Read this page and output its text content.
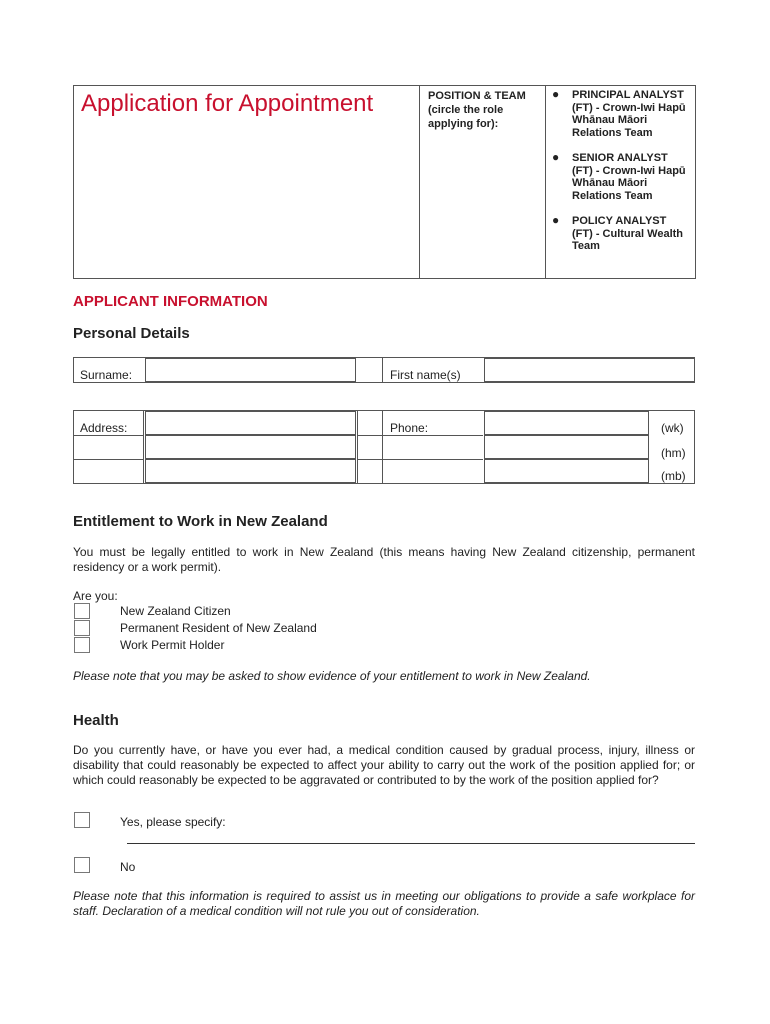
Application for Appointment	POSITION & TEAM (circle the role applying for):
● PRINCIPAL ANALYST (FT) - Crown-Iwi Hapū Whānau Māori Relations Team
● SENIOR ANALYST (FT) - Crown-Iwi Hapū Whānau Māori Relations Team
● POLICY ANALYST (FT) - Cultural Wealth Team
APPLICANT INFORMATION
Personal Details
Surname:	First name(s)
Address:	Phone:	(wk)
(hm)
(mb)
Entitlement to Work in New Zealand
You must be legally entitled to work in New Zealand (this means having New Zealand citizenship, permanent residency or a work permit).
Are you:
New Zealand Citizen
Permanent Resident of New Zealand
Work Permit Holder
Please note that you may be asked to show evidence of your entitlement to work in New Zealand.
Health
Do you currently have, or have you ever had, a medical condition caused by gradual process, injury, illness or disability that could reasonably be expected to affect your ability to carry out the work of the position applied for; or which could reasonably be expected to be aggravated or contributed to by the work of the position applied for?
Yes, please specify:
No
Please note that this information is required to assist us in meeting our obligations to provide a safe workplace for staff. Declaration of a medical condition will not rule you out of consideration.
